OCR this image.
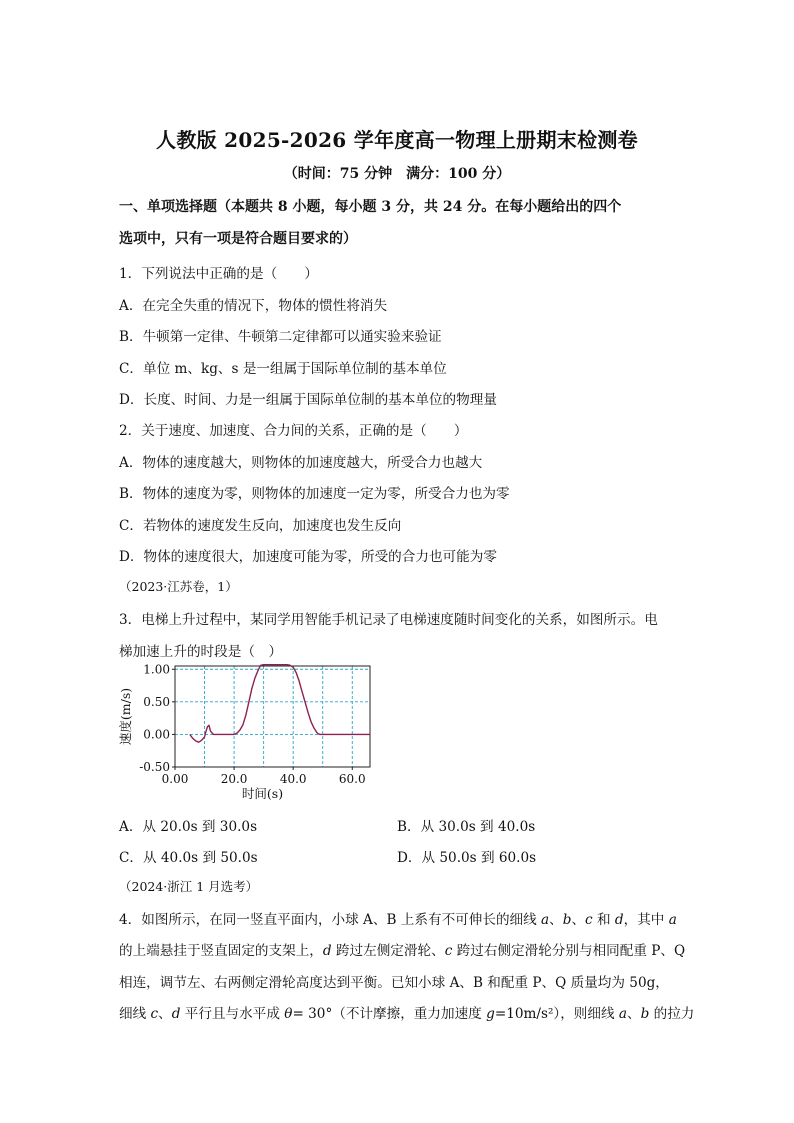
人教版 2025-2026 学年度高一物理上册期末检测卷
（时间：75 分钟　满分：100 分）
一、单项选择题（本题共 8 小题，每小题 3 分，共 24 分。在每小题给出的四个
选项中，只有一项是符合题目要求的）
1．下列说法中正确的是（　　）
A．在完全失重的情况下，物体的惯性将消失
B．牛顿第一定律、牛顿第二定律都可以通实验来验证
C．单位 m、kg、s 是一组属于国际单位制的基本单位
D．长度、时间、力是一组属于国际单位制的基本单位的物理量
2．关于速度、加速度、合力间的关系，正确的是（　　）
A．物体的速度越大，则物体的加速度越大，所受合力也越大
B．物体的速度为零，则物体的加速度一定为零，所受合力也为零
C．若物体的速度发生反向，加速度也发生反向
D．物体的速度很大，加速度可能为零，所受的合力也可能为零
（2023·江苏卷，1）
3．电梯上升过程中，某同学用智能手机记录了电梯速度随时间变化的关系，如图所示。电
梯加速上升的时段是（　）
0.00	20.0	40.0	60.0
1.00
0.50
0.00
-0.50
时间(s)
速度(m/s)
A．从 20.0s 到 30.0s	B．从 30.0s 到 40.0s
C．从 40.0s 到 50.0s	D．从 50.0s 到 60.0s
（2024·浙江 1 月选考）
4．如图所示，在同一竖直平面内，小球 A、B 上系有不可伸长的细线 a、b、c 和 d，其中 a
的上端悬挂于竖直固定的支架上，d 跨过左侧定滑轮、c 跨过右侧定滑轮分别与相同配重 P、Q
相连，调节左、右两侧定滑轮高度达到平衡。已知小球 A、B 和配重 P、Q 质量均为 50g，
细线 c、d 平行且与水平成 θ= 30°（不计摩擦，重力加速度 g=10m/s²），则细线 a、b 的拉力
